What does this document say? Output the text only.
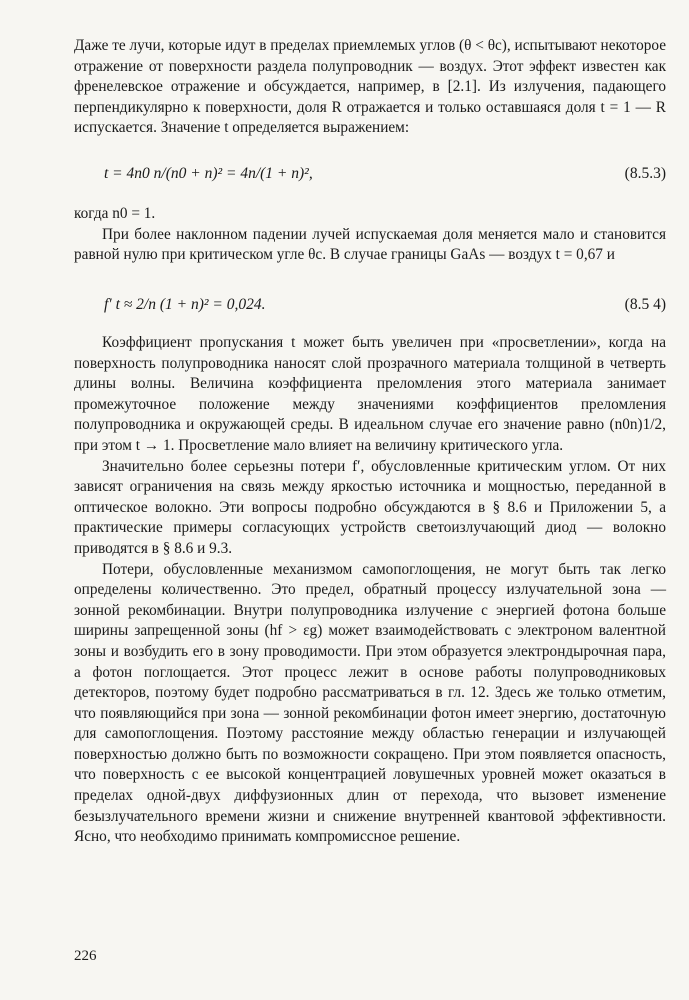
Даже те лучи, которые идут в пределах приемлемых углов (θ < θc), испытывают некоторое отражение от поверхности раздела полупроводник — воздух. Этот эффект известен как френелевское отражение и обсуждается, например, в [2.1]. Из излучения, падающего перпендикулярно к поверхности, доля R отражается и только оставшаяся доля t = 1 — R испускается. Значение t определяется выражением:

t = 4n0 n/(n0 + n)² = 4n/(1 + n)²,	(8.5.3)

когда n0 = 1.

При более наклонном падении лучей испускаемая доля меняется мало и становится равной нулю при критическом угле θc. В случае границы GaAs — воздух t = 0,67 и

f′ t ≈ 2/n (1 + n)² = 0,024.	(8.5 4)

Коэффициент пропускания t может быть увеличен при «просветлении», когда на поверхность полупроводника наносят слой прозрачного материала толщиной в четверть длины волны. Величина коэффициента преломления этого материала занимает промежуточное положение между значениями коэффициентов преломления полупроводника и окружающей среды. В идеальном случае его значение равно (n0n)1/2, при этом t → 1. Просветление мало влияет на величину критического угла.

Значительно более серьезны потери f′, обусловленные критическим углом. От них зависят ограничения на связь между яркостью источника и мощностью, переданной в оптическое волокно. Эти вопросы подробно обсуждаются в § 8.6 и Приложении 5, а практические примеры согласующих устройств светоизлучающий диод — волокно приводятся в § 8.6 и 9.3.

Потери, обусловленные механизмом самопоглощения, не могут быть так легко определены количественно. Это предел, обратный процессу излучательной зона — зонной рекомбинации. Внутри полупроводника излучение с энергией фотона больше ширины запрещенной зоны (hf > εg) может взаимодействовать с электроном валентной зоны и возбудить его в зону проводимости. При этом образуется электрондырочная пара, а фотон поглощается. Этот процесс лежит в основе работы полупроводниковых детекторов, поэтому будет подробно рассматриваться в гл. 12. Здесь же только отметим, что появляющийся при зона — зонной рекомбинации фотон имеет энергию, достаточную для самопоглощения. Поэтому расстояние между областью генерации и излучающей поверхностью должно быть по возможности сокращено. При этом появляется опасность, что поверхность с ее высокой концентрацией ловушечных уровней может оказаться в пределах одной-двух диффузионных длин от перехода, что вызовет изменение безызлучательного времени жизни и снижение внутренней квантовой эффективности. Ясно, что необходимо принимать компромиссное решение.

226
